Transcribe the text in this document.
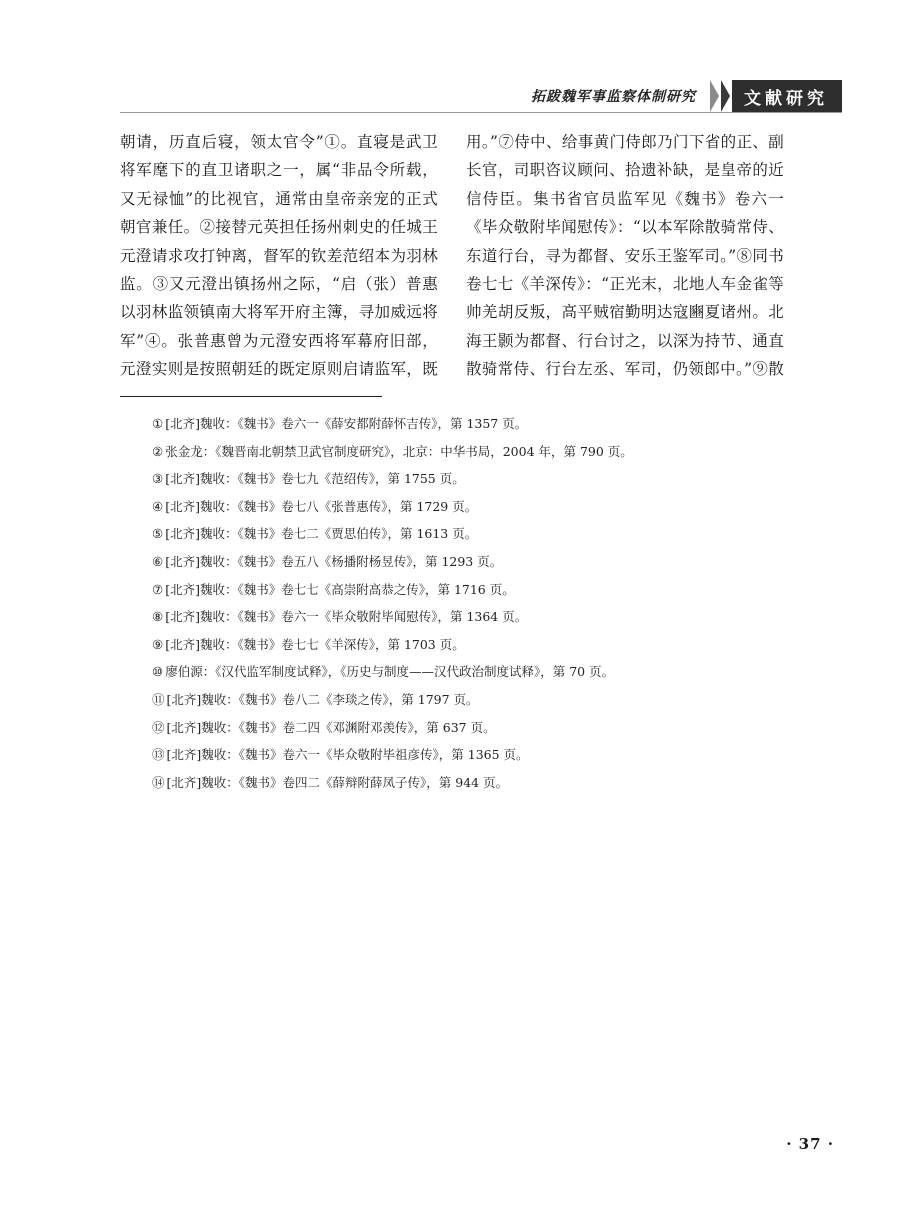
拓跋魏军事监察体制研究	文献研究

朝请，历直后寝，领太官令”①。直寝是武卫将军麾下的直卫诸职之一，属“非品令所载，又无禄恤”的比视官，通常由皇帝亲宠的正式朝官兼任。②接替元英担任扬州刺史的任城王元澄请求攻打钟离，督军的钦差范绍本为羽林监。③又元澄出镇扬州之际，“启（张）普惠以羽林监领镇南大将军开府主簿，寻加威远将军”④。张普惠曾为元澄安西将军幕府旧部，元澄实则是按照朝廷的既定原则启请监军，既

用。”⑦侍中、给事黄门侍郎乃门下省的正、副长官，司职咨议顾问、拾遗补缺，是皇帝的近信侍臣。集书省官员监军见《魏书》卷六一《毕众敬附毕闻慰传》：“以本军除散骑常侍、东道行台，寻为都督、安乐王鉴军司。”⑧同书卷七七《羊深传》：“正光末，北地人车金雀等帅羌胡反叛，高平贼宿勤明达寇豳夏诸州。北海王颢为都督、行台讨之，以深为持节、通直散骑常侍、行台左丞、军司，仍领郎中。”⑨散

① [北齐]魏收：《魏书》卷六一《薛安都附薛怀吉传》，第 1357 页。
② 张金龙：《魏晋南北朝禁卫武官制度研究》，北京：中华书局，2004 年，第 790 页。
③ [北齐]魏收：《魏书》卷七九《范绍传》，第 1755 页。
④ [北齐]魏收：《魏书》卷七八《张普惠传》，第 1729 页。
⑤ [北齐]魏收：《魏书》卷七二《贾思伯传》，第 1613 页。
⑥ [北齐]魏收：《魏书》卷五八《杨播附杨昱传》，第 1293 页。
⑦ [北齐]魏收：《魏书》卷七七《高崇附高恭之传》，第 1716 页。
⑧ [北齐]魏收：《魏书》卷六一《毕众敬附毕闻慰传》，第 1364 页。
⑨ [北齐]魏收：《魏书》卷七七《羊深传》，第 1703 页。
⑩ 廖伯源：《汉代监军制度试释》，《历史与制度——汉代政治制度试释》，第 70 页。
⑪ [北齐]魏收：《魏书》卷八二《李琰之传》，第 1797 页。
⑫ [北齐]魏收：《魏书》卷二四《邓渊附邓羡传》，第 637 页。
⑬ [北齐]魏收：《魏书》卷六一《毕众敬附毕祖彦传》，第 1365 页。
⑭ [北齐]魏收：《魏书》卷四二《薛辩附薛凤子传》，第 944 页。
· 37 ·
